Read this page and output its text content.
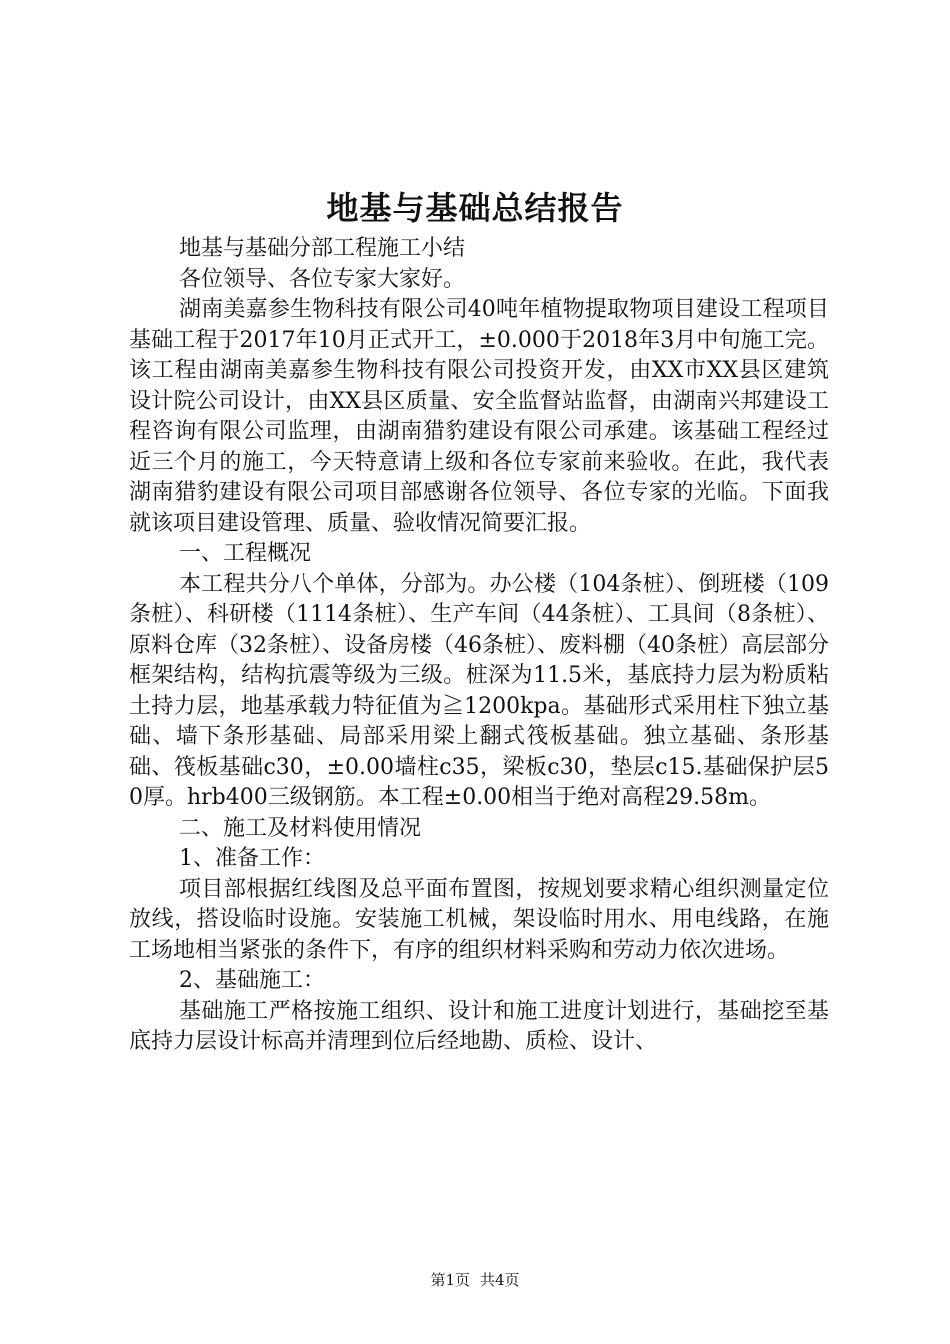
地基与基础总结报告

地基与基础分部工程施工小结

各位领导、各位专家大家好。

湖南美嘉参生物科技有限公司40吨年植物提取物项目建设工程项目基础工程于2017年10月正式开工，±0.000于2018年3月中旬施工完。该工程由湖南美嘉参生物科技有限公司投资开发，由XX市XX县区建筑设计院公司设计，由XX县区质量、安全监督站监督，由湖南兴邦建设工程咨询有限公司监理，由湖南猎豹建设有限公司承建。该基础工程经过近三个月的施工，今天特意请上级和各位专家前来验收。在此，我代表湖南猎豹建设有限公司项目部感谢各位领导、各位专家的光临。下面我就该项目建设管理、质量、验收情况简要汇报。

一、工程概况

本工程共分八个单体，分部为。办公楼（104条桩）、倒班楼（109条桩）、科研楼（1114条桩）、生产车间（44条桩）、工具间（8条桩）、原料仓库（32条桩）、设备房楼（46条桩）、废料棚（40条桩）高层部分框架结构，结构抗震等级为三级。桩深为11.5米，基底持力层为粉质粘土持力层，地基承载力特征值为≧1200kpa。基础形式采用柱下独立基础、墙下条形基础、局部采用梁上翻式筏板基础。独立基础、条形基础、筏板基础c30，±0.00墙柱c35，梁板c30，垫层c15.基础保护层50厚。hrb400三级钢筋。本工程±0.00相当于绝对高程29.58m。

二、施工及材料使用情况

1、准备工作：

项目部根据红线图及总平面布置图，按规划要求精心组织测量定位放线，搭设临时设施。安装施工机械，架设临时用水、用电线路，在施工场地相当紧张的条件下，有序的组织材料采购和劳动力依次进场。

2、基础施工：

基础施工严格按施工组织、设计和施工进度计划进行，基础挖至基底持力层设计标高并清理到位后经地勘、质检、设计、

第1页 共4页
